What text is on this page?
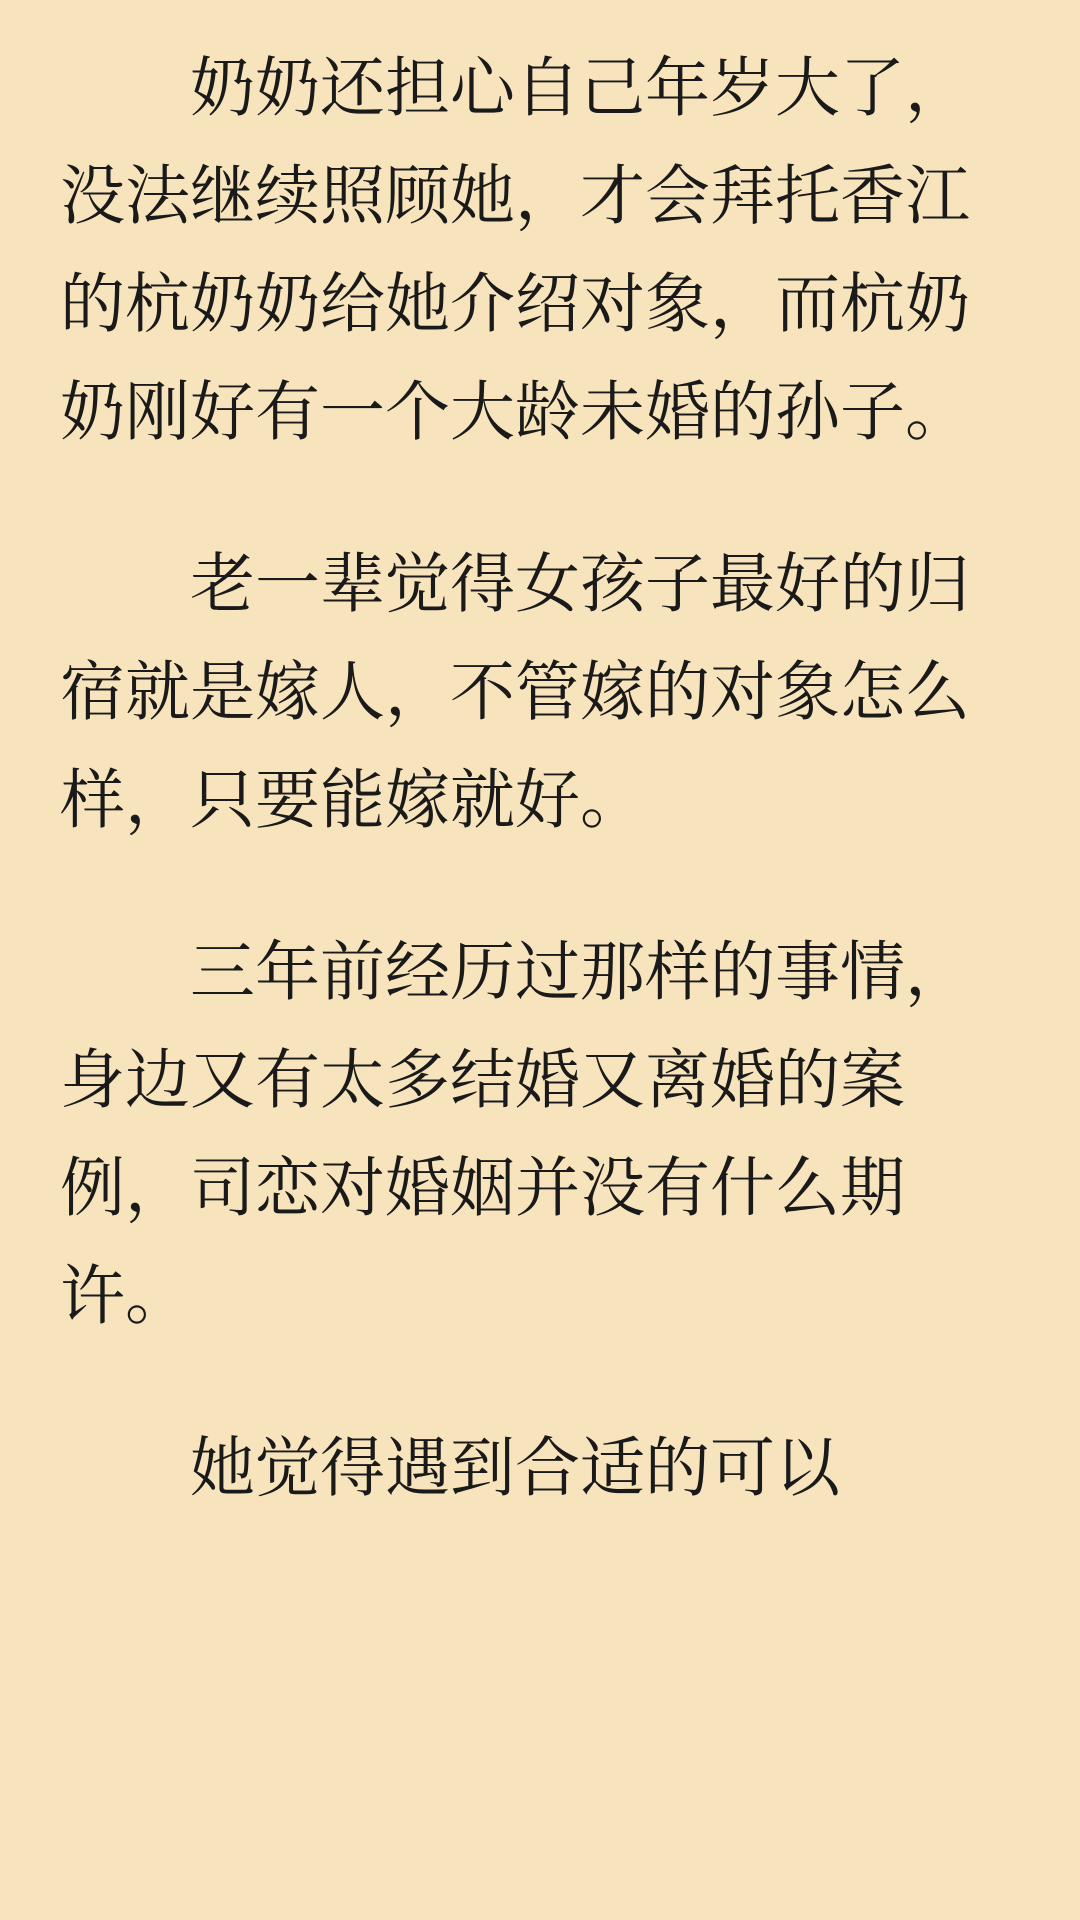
奶奶还担心自己年岁大了，没法继续照顾她，才会拜托香江的杭奶奶给她介绍对象，而杭奶奶刚好有一个大龄未婚的孙子。

老一辈觉得女孩子最好的归宿就是嫁人，不管嫁的对象怎么样，只要能嫁就好。

三年前经历过那样的事情，身边又有太多结婚又离婚的案例，司恋对婚姻并没有什么期许。

她觉得遇到合适的可以
